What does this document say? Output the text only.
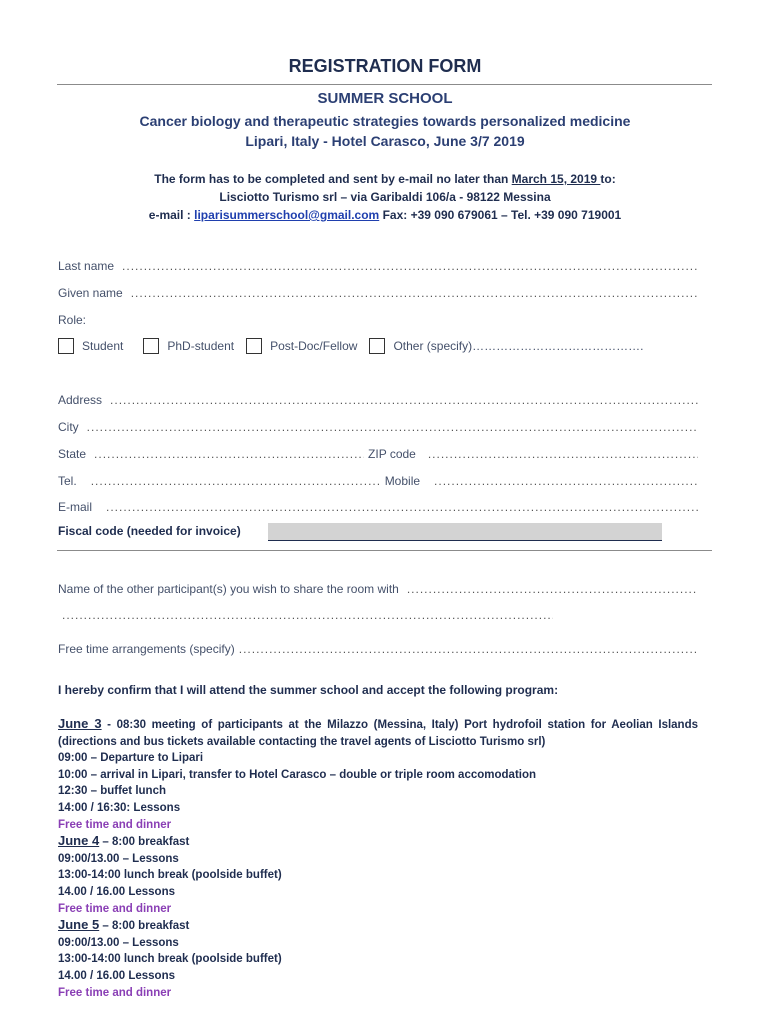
REGISTRATION FORM
SUMMER SCHOOL
Cancer biology and therapeutic strategies towards personalized medicine
Lipari, Italy - Hotel Carasco, June 3/7 2019
The form has to be completed and sent by e-mail no later than March 15, 2019 to:
Lisciotto Turismo srl – via Garibaldi 106/a - 98122 Messina
e-mail : liparisummerschool@gmail.com Fax: +39 090 679061 – Tel. +39 090 719001
Last name
.....
Given name
.....
Role:
Student	PhD-student	Post-Doc/Fellow	Other (specify)…………………………………….
Address
.....
City
.....
State .....	ZIP code
.....
Tel. .....	Mobile
.....
E-mail
.....
Fiscal code (needed for invoice)
Name of the other participant(s) you wish to share the room with
.....
.....
Free time arrangements (specify)
.....
I hereby confirm that I will attend the summer school and accept the following program:
June 3 - 08:30 meeting of participants at the Milazzo (Messina, Italy) Port hydrofoil station for Aeolian Islands (directions and bus tickets available contacting the travel agents of Lisciotto Turismo srl)
09:00 – Departure to Lipari
10:00 – arrival in Lipari, transfer to Hotel Carasco – double or triple room accomodation
12:30 – buffet lunch
14:00 / 16:30: Lessons
Free time and dinner
June 4 – 8:00 breakfast
09:00/13.00 – Lessons
13:00-14:00 lunch break (poolside buffet)
14.00 / 16.00 Lessons
Free time and dinner
June 5 – 8:00 breakfast
09:00/13.00 – Lessons
13:00-14:00 lunch break (poolside buffet)
14.00 / 16.00 Lessons
Free time and dinner
